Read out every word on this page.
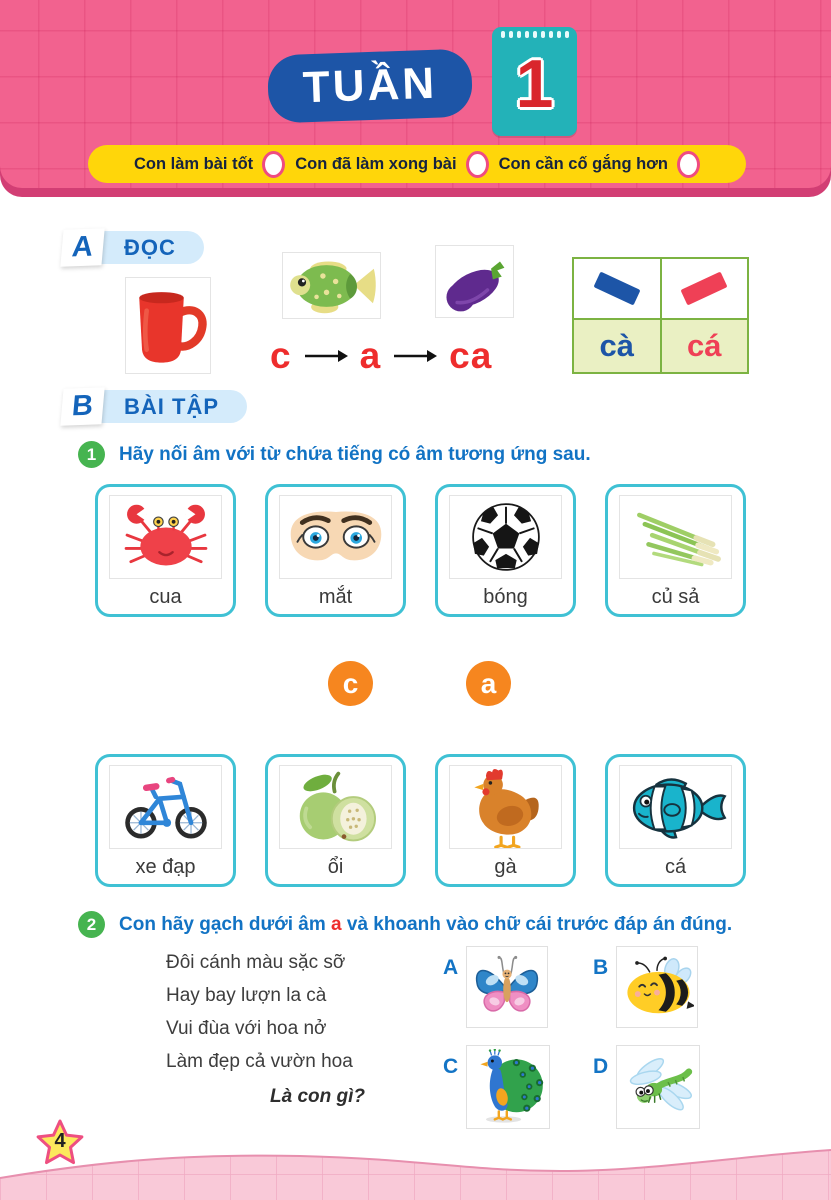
TUẦN	1
Con làm bài tốt	Con đã làm xong bài	Con cần cố gắng hơn
ĐỌC
A
c a ca	cà	cá
BÀI TẬP
B
1	Hãy nối âm với từ chứa tiếng có âm tương ứng sau.
cua	mắt	bóng	củ sả
c	a
xe đạp	ổi	gà	cá
2	Con hãy gạch dưới âm a và khoanh vào chữ cái trước đáp án đúng.
Đôi cánh màu sặc sỡ
Hay bay lượn la cà
Vui đùa với hoa nở
Làm đẹp cả vườn hoa
Là con gì?
A	B
C	D
4
